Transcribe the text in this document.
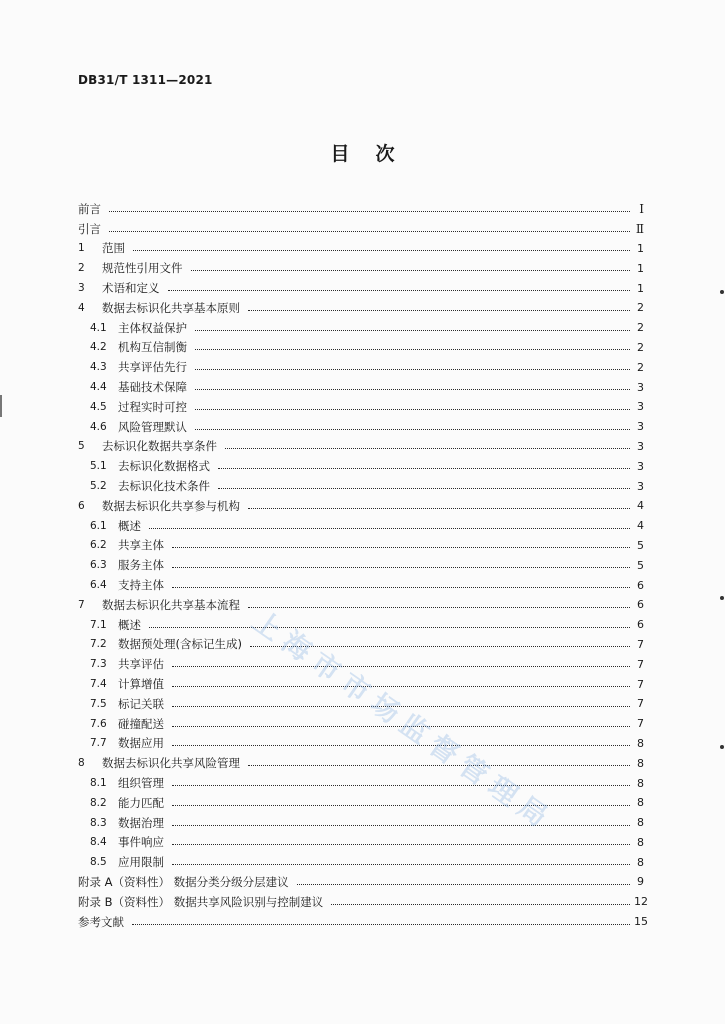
DB31/T 1311—2021
目次
前言	I
引言	Ⅱ
1	范围	1
2	规范性引用文件	1
3	术语和定义	1
4	数据去标识化共享基本原则	2
4.1 主体权益保护	2
4.2 机构互信制衡	2
4.3 共享评估先行	2
4.4 基础技术保障	3
4.5 过程实时可控	3
4.6 风险管理默认	3
5	去标识化数据共享条件	3
5.1 去标识化数据格式	3
5.2 去标识化技术条件	3
6	数据去标识化共享参与机构	4
6.1 概述	4
6.2 共享主体	5
6.3 服务主体	5
6.4 支持主体	6
7	数据去标识化共享基本流程	6
7.1 概述	6
7.2 数据预处理(含标记生成)	7
7.3 共享评估	7
7.4 计算增值	7
7.5 标记关联	7
7.6 碰撞配送	7
7.7 数据应用	8
8	数据去标识化共享风险管理	8
8.1 组织管理	8
8.2 能力匹配	8
8.3 数据治理	8
8.4 事件响应	8
8.5 应用限制	8
附录 A（资料性） 数据分类分级分层建议	9
附录 B（资料性） 数据共享风险识别与控制建议	12
参考文献	15
上海市市场监督管理局
